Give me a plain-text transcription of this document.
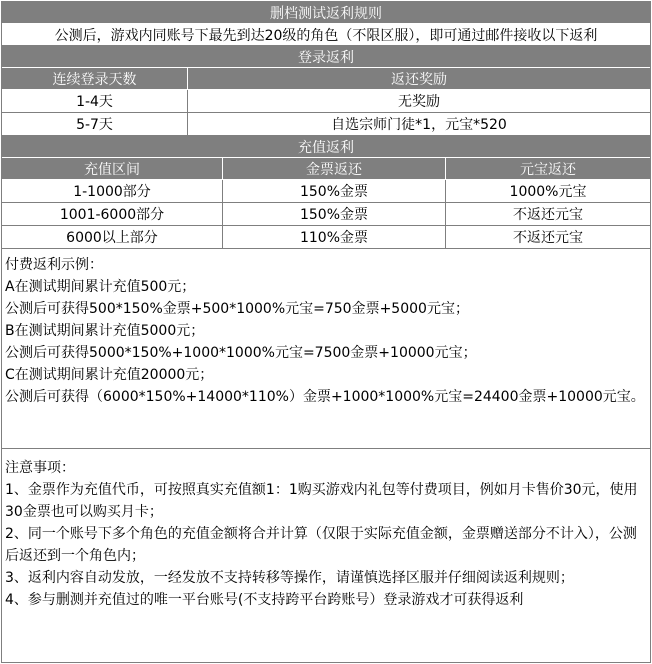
删档测试返利规则
公测后，游戏内同账号下最先到达20级的角色（不限区服），即可通过邮件接收以下返利
登录返利
连续登录天数	返还奖励
1-4天	无奖励
5-7天	自选宗师门徒*1，元宝*520
充值返利
充值区间	金票返还	元宝返还
1-1000部分	150%金票	1000%元宝
1001-6000部分	150%金票	不返还元宝
6000以上部分	110%金票	不返还元宝

付费返利示例：

A在测试期间累计充值500元；

公测后可获得500*150%金票+500*1000%元宝=750金票+5000元宝；

B在测试期间累计充值5000元；

公测后可获得5000*150%+1000*1000%元宝=7500金票+10000元宝；

C在测试期间累计充值20000元；

公测后可获得（6000*150%+14000*110%）金票+1000*1000%元宝=24400金票+10000元宝。

注意事项：

1、金票作为充值代币，可按照真实充值额1：1购买游戏内礼包等付费项目，例如月卡售价30元，使用30金票也可以购买月卡；

2、同一个账号下多个角色的充值金额将合并计算（仅限于实际充值金额，金票赠送部分不计入），公测后返还到一个角色内；

3、返利内容自动发放，一经发放不支持转移等操作，请谨慎选择区服并仔细阅读返利规则；

4、参与删测并充值过的唯一平台账号(不支持跨平台跨账号）登录游戏才可获得返利
